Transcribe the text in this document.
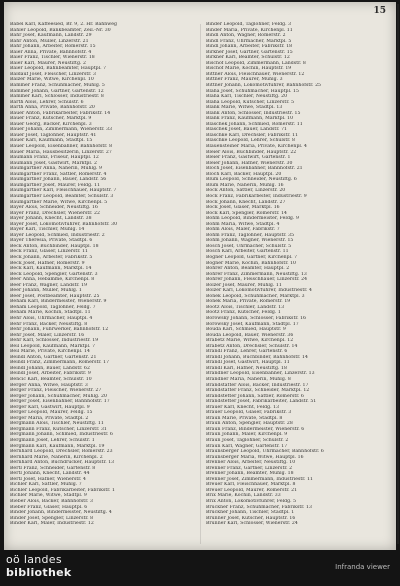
15
Babel Karl, Kaffeesied, Br. 9, 2. Hr. Bahnweg
Bahler Leopold, Bankbeamter, Zeil.-Nr. 30
Bähr Josef, Kaufmann, Landstr. 29
Bahr Anton, Müller, Linzerstr. 21
Bahr Johann, Arbeiter, Römerstr. 15
Baier Anna, Private, Bahnhofstr. 4
Baier Franz, Tischler, Wienerstr. 18
Baier Karl, Maurer, Neustiftg. 2
Baier Leopold, Bahnbeamter, Hauptpl. 7
Baldauf Josef, Fleischer, Linzerstr. 3
Balzer Marie, Witwe, Kirchenpl. 10
Bammer Franz, Schuhmacher, Mühlg. 5
Bammer Johann, Gärtner, Gartenstr. 12
Bammer Karl, Schlosser, Industriestr. 8
Barth Alois, Lehrer, Schulstr. 6
Barth Anna, Private, Bahnhofstr. 20
Bauer Anton, Fabrikarbeiter, Fabrikstr. 14
Bauer Franz, Kutscher, Marktpl. 9
Bauer Georg, Bäcker, Kirchenpl. 3
Bauer Johann, Zimmermann, Wienerstr. 33
Bauer Josef, Taglöhner, Hauptstr. 41
Bauer Karl, Kaufmann, Stadtpl. 15
Bauer Leopold, Eisenbahner, Bahnhofstr. 8
Bauer Maria, Hausbesitzerin, Linzerstr. 27
Baumann Franz, Friseur, Hauptpl. 12
Baumann Josef, Gastwirt, Marktpl. 2
Baumgartner Anna, Näherin, Mühlg. 9
Baumgartner Franz, Sattler, Römerstr. 4
Baumgartner Johann, Bauer, Landstr. 56
Baumgartner Josef, Maurer, Feldg. 11
Baumgartner Karl, Fleischhauer, Hauptstr. 7
Baumgartner Leopold, Beamter, Schulstr. 3
Baumgartner Marie, Witwe, Kirchenpl. 5
Bayer Alois, Schneider, Neustiftg. 16
Bayer Franz, Drechsler, Wienerstr. 22
Bayer Johann, Knecht, Landstr. 38
Bayer Josef, Lokomotivführer, Bahnhofstr. 30
Bayer Karl, Tischler, Mühlg. 14
Bayer Leopold, Schmied, Industriestr. 2
Bayer Theresia, Private, Stadtpl. 6
Beck Anton, Buchbinder, Hauptpl. 18
Beck Franz, Glaser, Linzerstr. 11
Beck Johann, Arbeiter, Fabrikstr. 5
Beck Josef, Hafner, Römerstr. 9
Beck Karl, Kaufmann, Marktpl. 14
Beck Leopold, Spengler, Gartenstr. 3
Beer Anna, Hebamme, Kirchenpl. 8
Beer Franz, Wagner, Landstr. 19
Beer Johann, Müller, Mühlg. 1
Beer Josef, Postbeamter, Hauptstr. 25
Beham Karl, Bindermeister, Wienerstr. 9
Beham Leopold, Taglöhner, Feldg. 7
Beham Marie, Köchin, Stadtpl. 11
Behr Alois, Uhrmacher, Hauptpl. 4
Behr Franz, Bäcker, Neustiftg. 8
Behr Johann, Fuhrwerker, Bahnhofstr. 12
Behr Josef, Maler, Linzerstr. 16
Behr Karl, Schlosser, Industriestr. 19
Beil Leopold, Kaufmann, Marktpl. 7
Beil Marie, Private, Kirchenpl. 14
Beindl Anton, Gärtner, Gartenstr. 21
Beindl Franz, Zimmermann, Römerstr. 17
Beindl Johann, Bauer, Landstr. 62
Beindl Josef, Arbeiter, Fabrikstr. 9
Bencic Karl, Beamter, Schulstr. 10
Berger Anna, Witwe, Hauptstr. 3
Berger Franz, Fleischer, Wienerstr. 27
Berger Johann, Schuhmacher, Mühlg. 20
Berger Josef, Eisenbahner, Bahnhofstr. 17
Berger Karl, Gastwirt, Hauptpl. 9
Berger Leopold, Maurer, Feldg. 15
Berger Maria, Private, Stadtpl. 2
Bergmann Alois, Tischler, Neustiftg. 11
Bergmann Franz, Kutscher, Linzerstr. 31
Bergmann Johann, Schmied, Industriestr. 6
Bergmann Josef, Lehrer, Schulstr. 1
Bergmann Karl, Kaufmann, Marktpl. 19
Bernhard Leopold, Drechsler, Römerstr. 23
Bernhard Marie, Näherin, Kirchenpl. 2
Bernhard Anton, Buchdrucker, Hauptstr. 13
Bertl Franz, Schneider, Gartenstr. 8
Bertl Johann, Knecht, Landstr. 44
Bertl Josef, Hafner, Wienerstr. 4
Bichler Karl, Sattler, Mühlg. 7
Bichler Leopold, Fabrikarbeiter, Fabrikstr. 1
Bichler Marie, Witwe, Stadtpl. 9
Bieber Alois, Bäcker, Bahnhofstr. 3
Bieber Franz, Glaser, Hauptpl. 6
Binder Johann, Bindermeister, Neustiftg. 4
Binder Josef, Spengler, Linzerstr. 8
Binder Karl, Maler, Industriestr. 12
Binder Leopold, Taglöhner, Feldg. 3
Binder Maria, Private, Kirchenpl. 11
Bindl Anton, Wagner, Römerstr. 2
Bindl Franz, Uhrmacher, Marktpl. 5
Bindl Johann, Arbeiter, Fabrikstr. 18
Birkner Josef, Gärtner, Gartenstr. 15
Birkner Karl, Beamter, Schulstr. 12
Bischof Leopold, Zimmermann, Landstr. 8
Bischof Marie, Köchin, Hauptstr. 19
Bittner Alois, Fleischhauer, Wienerstr. 12
Bittner Franz, Maurer, Mühlg. 3
Bittner Johann, Lokomotivführer, Bahnhofstr. 25
Blaha Josef, Schuhmacher, Hauptpl. 15
Blaha Karl, Tischler, Neustiftg. 20
Blaha Leopold, Kutscher, Linzerstr. 5
Blank Marie, Witwe, Stadtpl. 13
Blank Anton, Schlosser, Industriestr. 15
Blank Franz, Kaufmann, Marktpl. 10
Blaschek Johann, Schmied, Römerstr. 11
Blaschek Josef, Bauer, Landstr. 71
Blaschke Karl, Drechsler, Fabrikstr. 11
Blaschke Leopold, Lehrer, Schulstr. 8
Blauensteiner Maria, Private, Kirchenpl. 4
Bleier Alois, Buchbinder, Hauptstr. 22
Bleier Franz, Gastwirt, Gartenstr. 1
Bleier Johann, Hafner, Wienerstr. 30
Bloch Josef, Eisenbahner, Bahnhofstr. 21
Bloch Karl, Bäcker, Hauptpl. 20
Blum Leopold, Schneider, Neustiftg. 6
Blum Marie, Näherin, Mühlg. 16
Bock Anton, Sattler, Linzerstr. 20
Bock Franz, Fabrikarbeiter, Industriestr. 9
Bock Johann, Knecht, Landstr. 27
Böck Josef, Glaser, Marktpl. 16
Böck Karl, Spengler, Römerstr. 14
Böhm Leopold, Bindermeister, Feldg. 9
Böhm Maria, Witwe, Stadtpl. 4
Böhm Alois, Maler, Fabrikstr. 7
Böhm Franz, Taglöhner, Hauptstr. 35
Böhm Johann, Wagner, Wienerstr. 15
Bösch Josef, Uhrmacher, Schulstr. 5
Bösch Karl, Arbeiter, Gartenstr. 11
Bogner Leopold, Gärtner, Kirchenpl. 7
Bogner Marie, Köchin, Bahnhofstr. 10
Bohrer Anton, Beamter, Hauptpl. 2
Bohrer Franz, Zimmermann, Neustiftg. 13
Bohrer Johann, Fleischhauer, Linzerstr. 24
Bolzer Josef, Maurer, Mühlg. 11
Bolzer Karl, Lokomotivführer, Industriestr. 4
Bonek Leopold, Schuhmacher, Marktpl. 3
Bonek Maria, Private, Römerstr. 19
Bootz Alois, Tischler, Landstr. 13
Bootz Franz, Kutscher, Feldg. 1
Borowsky Johann, Schlosser, Fabrikstr. 16
Borowsky Josef, Kaufmann, Stadtpl. 17
Bouda Karl, Schmied, Hauptstr. 9
Bouda Leopold, Bauer, Wienerstr. 36
Brabetz Marie, Witwe, Kirchenpl. 12
Brabetz Anton, Drechsler, Schulstr. 14
Brandl Franz, Lehrer, Gartenstr. 6
Brandl Johann, Buchbinder, Bahnhofstr. 14
Brandl Josef, Gastwirt, Hauptpl. 11
Brandl Karl, Hafner, Neustiftg. 18
Brandner Leopold, Eisenbahner, Linzerstr. 13
Brandner Maria, Näherin, Mühlg. 8
Brandstätter Alois, Bäcker, Industriestr. 17
Brandstätter Franz, Schneider, Marktpl. 12
Brandstetter Johann, Sattler, Römerstr. 6
Brandstetter Josef, Fabrikarbeiter, Landstr. 51
Brauer Karl, Knecht, Feldg. 13
Brauer Leopold, Glaser, Fabrikstr. 3
Braun Marie, Private, Stadtpl. 8
Braun Anton, Spengler, Hauptstr. 28
Braun Franz, Bindermeister, Wienerstr. 6
Braun Johann, Maler, Kirchenpl. 9
Braun Josef, Taglöhner, Schulstr. 2
Braun Karl, Wagner, Gartenstr. 17
Braunsberger Leopold, Uhrmacher, Bahnhofstr. 6
Braunsberger Maria, Witwe, Hauptpl. 16
Brenner Alois, Arbeiter, Neustiftg. 10
Brenner Franz, Gärtner, Linzerstr. 2
Brenner Johann, Beamter, Mühlg. 18
Brenner Josef, Zimmermann, Industriestr. 11
Breuer Karl, Fleischhauer, Marktpl. 8
Breuer Leopold, Maurer, Römerstr. 21
Brix Marie, Köchin, Landstr. 33
Brix Anton, Lokomotivführer, Feldg. 5
Bruckner Franz, Schuhmacher, Fabrikstr. 13
Bruckner Johann, Tischler, Stadtpl. 1
Brunner Josef, Kutscher, Hauptstr. 16
Brunner Karl, Schlosser, Wienerstr. 24
oö landes
bibliothek	Infranda viewer
